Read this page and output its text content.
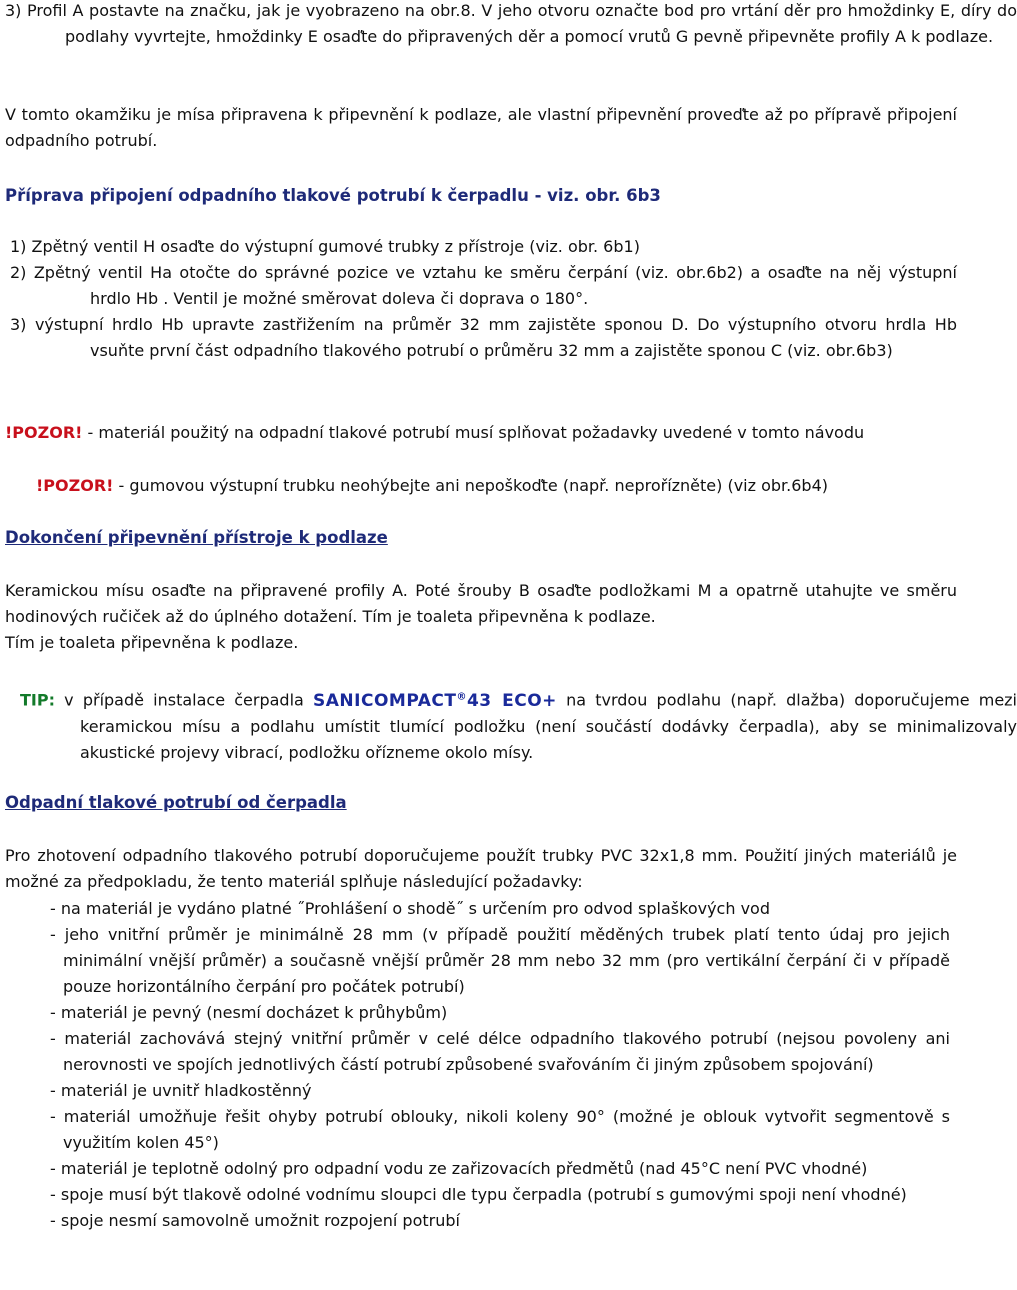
3) Profil A postavte na značku, jak je vyobrazeno na obr.8. V jeho otvoru označte bod pro vrtání děr pro hmoždinky E, díry do podlahy vyvrtejte, hmoždinky E osaďte do připravených děr a pomocí vrutů G pevně připevněte profily A k podlaze.
V tomto okamžiku je mísa připravena k připevnění k podlaze, ale vlastní připevnění proveďte až po přípravě připojení odpadního potrubí.
Příprava připojení odpadního tlakové potrubí k čerpadlu - viz. obr. 6b3
1) Zpětný ventil H osaďte do výstupní gumové trubky z přístroje (viz. obr. 6b1)
2) Zpětný ventil Ha otočte do správné pozice ve vztahu ke směru čerpání (viz. obr.6b2) a osaďte na něj výstupní hrdlo Hb . Ventil je možné směrovat doleva či doprava o 180°.
3) výstupní hrdlo Hb upravte zastřižením na průměr 32 mm zajistěte sponou D. Do výstupního otvoru hrdla Hb vsuňte první část odpadního tlakového potrubí o průměru 32 mm a zajistěte sponou C (viz. obr.6b3)
!POZOR! - materiál použitý na odpadní tlakové potrubí musí splňovat požadavky uvedené v tomto návodu
!POZOR! - gumovou výstupní trubku neohýbejte ani nepoškoďte (např. neprořízněte) (viz obr.6b4)
Dokončení připevnění přístroje k podlaze
Keramickou mísu osaďte na připravené profily A. Poté šrouby B osaďte podložkami M a opatrně utahujte ve směru hodinových ručiček až do úplného dotažení. Tím je toaleta připevněna k podlaze.
Tím je toaleta připevněna k podlaze.
TIP: v případě instalace čerpadla SANICOMPACT®43 ECO+ na tvrdou podlahu (např. dlažba) doporučujeme mezi keramickou mísu a podlahu umístit tlumící podložku (není součástí dodávky čerpadla), aby se minimalizovaly akustické projevy vibrací, podložku ořízneme okolo mísy.
Odpadní tlakové potrubí od čerpadla
Pro zhotovení odpadního tlakového potrubí doporučujeme použít trubky PVC 32x1,8 mm. Použití jiných materiálů je možné za předpokladu, že tento materiál splňuje následující požadavky:
- na materiál je vydáno platné ˝Prohlášení o shodě˝ s určením pro odvod splaškových vod
- jeho vnitřní průměr je minimálně 28 mm (v případě použití měděných trubek platí tento údaj pro jejich minimální vnější průměr) a současně vnější průměr 28 mm nebo 32 mm (pro vertikální čerpání či v případě pouze horizontálního čerpání pro počátek potrubí)
- materiál je pevný (nesmí docházet k průhybům)
- materiál zachovává stejný vnitřní průměr v celé délce odpadního tlakového potrubí (nejsou povoleny ani nerovnosti ve spojích jednotlivých částí potrubí způsobené svařováním či jiným způsobem spojování)
- materiál je uvnitř hladkostěnný
- materiál umožňuje řešit ohyby potrubí oblouky, nikoli koleny 90° (možné je oblouk vytvořit segmentově s využitím kolen 45°)
- materiál je teplotně odolný pro odpadní vodu ze zařizovacích předmětů (nad 45°C není PVC vhodné)
- spoje musí být tlakově odolné vodnímu sloupci dle typu čerpadla (potrubí s gumovými spoji není vhodné)
- spoje nesmí samovolně umožnit rozpojení potrubí
